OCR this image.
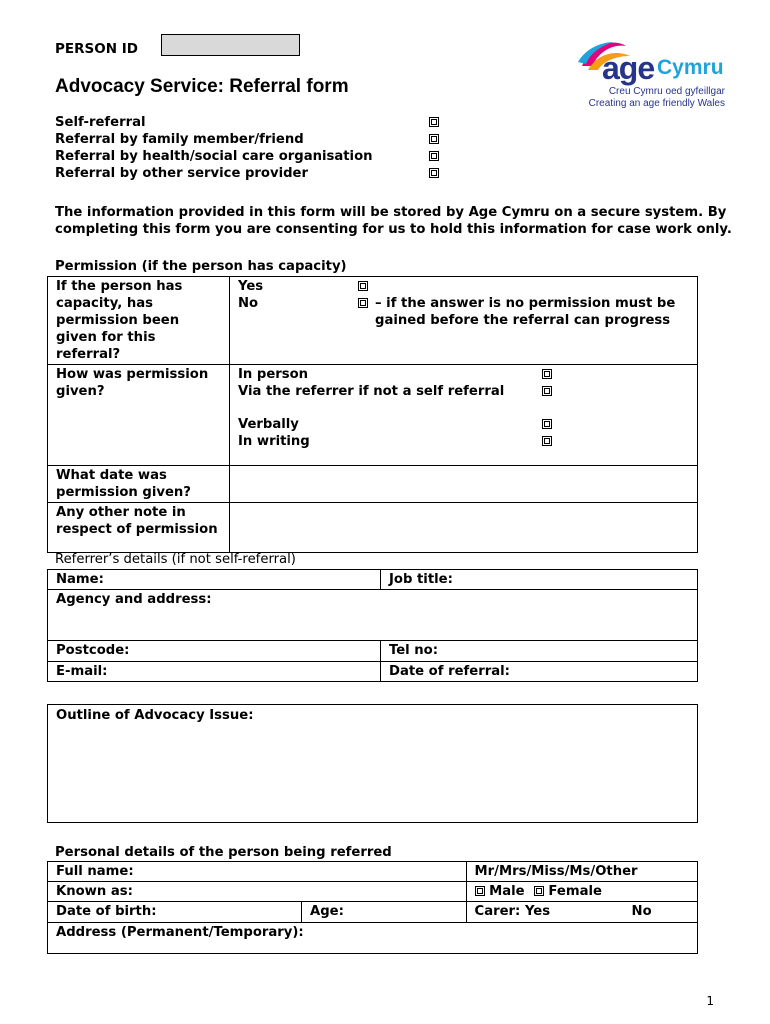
PERSON ID
Advocacy Service: Referral form
age Cymru
Creu Cymru oed gyfeillgar
Creating an age friendly Wales
Self-referral
Referral by family member/friend
Referral by health/social care organisation
Referral by other service provider
The information provided in this form will be stored by Age Cymru on a secure system. By completing this form you are consenting for us to hold this information for case work only.
Permission (if the person has capacity)
If the person has capacity, has permission been given for this referral?	Yes
No – if the answer is no permission must be gained before the referral can progress

How was permission given?	In person
Via the referrer if not a self referral
Verbally
In writing

What date was permission given?	
Any other note in respect of permission	
Referrer’s details (if not self-referral)
Name:	Job title:
Agency and address:	
Postcode:	Tel no:
E-mail:	Date of referral:
Outline of Advocacy Issue:
Personal details of the person being referred
Full name:		Mr/Mrs/Miss/Ms/Other
Known as:		Male Female
Date of birth:	Age:	Carer: Yes No

Address (Permanent/Temporary):		
1
